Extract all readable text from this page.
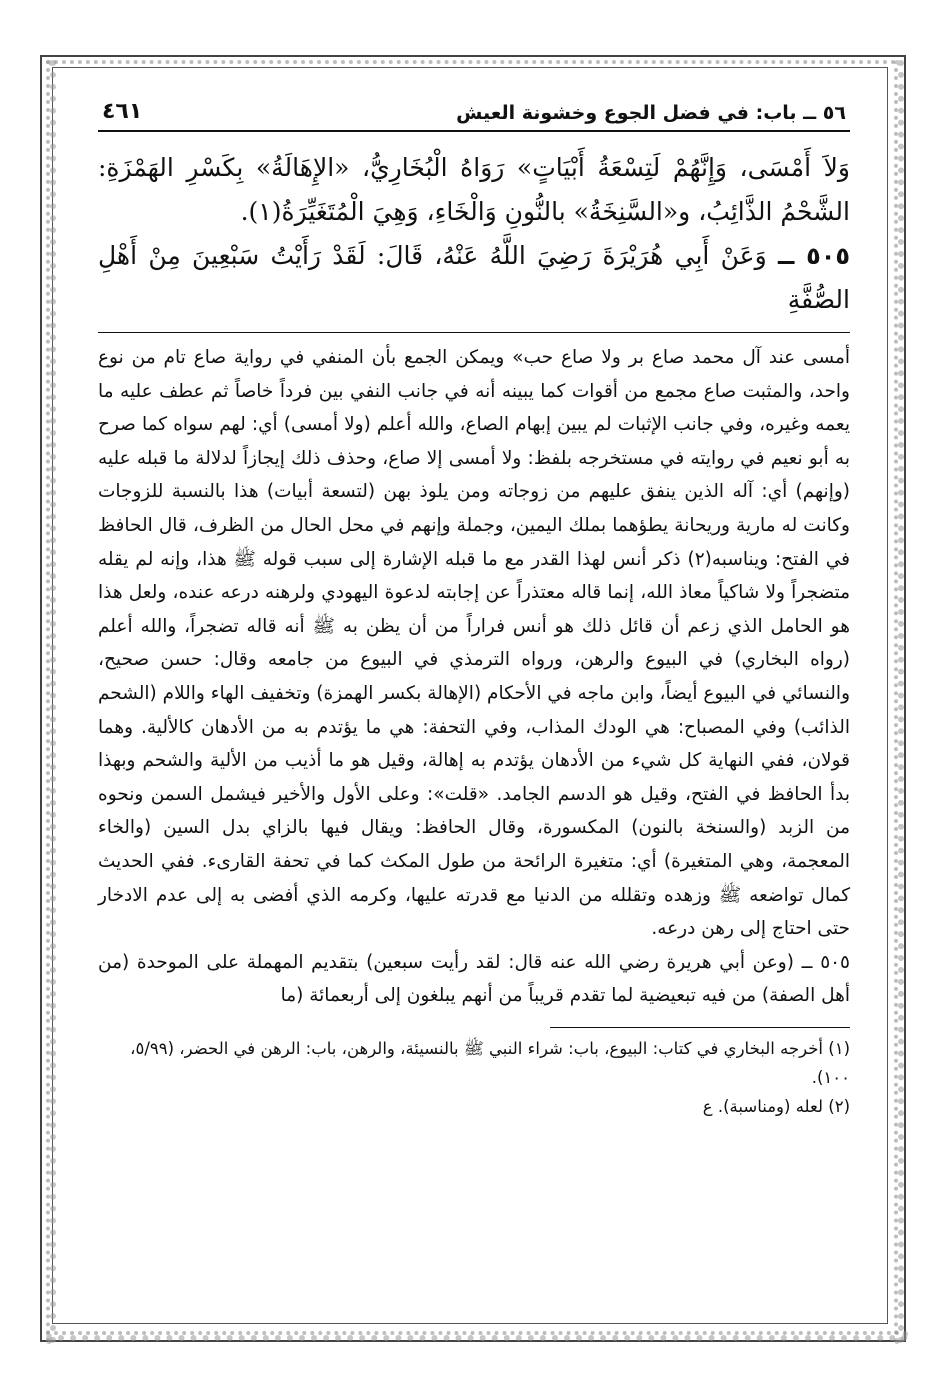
٥٦ ــ باب: في فضل الجوع وخشونة العيش
٤٦١

وَلاَ أَمْسَى، وَإِنَّهُمْ لَتِسْعَةُ أَبْيَاتٍ» رَوَاهُ الْبُخَارِيُّ، «الإِهَالَةُ» بِكَسْرِ الهَمْزَةِ: الشَّحْمُ الذَّائِبُ، و«السَّنِخَةُ» بالنُّونِ وَالْخَاءِ، وَهِيَ الْمُتَغَيِّرَةُ(١).

٥٠٥ ــ وَعَنْ أَبِي هُرَيْرَةَ رَضِيَ اللَّهُ عَنْهُ، قَالَ: لَقَدْ رَأَيْتُ سَبْعِينَ مِنْ أَهْلِ الصُّفَّةِ

أمسى عند آل محمد صاع بر ولا صاع حب» ويمكن الجمع بأن المنفي في رواية صاع تام من نوع واحد، والمثبت صاع مجمع من أقوات كما يبينه أنه في جانب النفي بين فرداً خاصاً ثم عطف عليه ما يعمه وغيره، وفي جانب الإثبات لم يبين إبهام الصاع، والله أعلم (ولا أمسى) أي: لهم سواه كما صرح به أبو نعيم في روايته في مستخرجه بلفظ: ولا أمسى إلا صاع، وحذف ذلك إيجازاً لدلالة ما قبله عليه (وإنهم) أي: آله الذين ينفق عليهم من زوجاته ومن يلوذ بهن (لتسعة أبيات) هذا بالنسبة للزوجات وكانت له مارية وريحانة يطؤهما بملك اليمين، وجملة وإنهم في محل الحال من الظرف، قال الحافظ في الفتح: ويناسبه(٢) ذكر أنس لهذا القدر مع ما قبله الإشارة إلى سبب قوله ﷺ هذا، وإنه لم يقله متضجراً ولا شاكياً معاذ الله، إنما قاله معتذراً عن إجابته لدعوة اليهودي ولرهنه درعه عنده، ولعل هذا هو الحامل الذي زعم أن قائل ذلك هو أنس فراراً من أن يظن به ﷺ أنه قاله تضجراً، والله أعلم (رواه البخاري) في البيوع والرهن، ورواه الترمذي في البيوع من جامعه وقال: حسن صحيح، والنسائي في البيوع أيضاً، وابن ماجه في الأحكام (الإهالة بكسر الهمزة) وتخفيف الهاء واللام (الشحم الذائب) وفي المصباح: هي الودك المذاب، وفي التحفة: هي ما يؤتدم به من الأدهان كالألية. وهما قولان، ففي النهاية كل شيء من الأدهان يؤتدم به إهالة، وقيل هو ما أذيب من الألية والشحم وبهذا بدأ الحافظ في الفتح، وقيل هو الدسم الجامد. «قلت»: وعلى الأول والأخير فيشمل السمن ونحوه من الزبد (والسنخة بالنون) المكسورة، وقال الحافظ: ويقال فيها بالزاي بدل السين (والخاء المعجمة، وهي المتغيرة) أي: متغيرة الرائحة من طول المكث كما في تحفة القارىء. ففي الحديث كمال تواضعه ﷺ وزهده وتقلله من الدنيا مع قدرته عليها، وكرمه الذي أفضى به إلى عدم الادخار حتى احتاج إلى رهن درعه.

٥٠٥ ــ (وعن أبي هريرة رضي الله عنه قال: لقد رأيت سبعين) بتقديم المهملة على الموحدة (من أهل الصفة) من فيه تبعيضية لما تقدم قريباً من أنهم يبلغون إلى أربعمائة (ما

(١) أخرجه البخاري في كتاب: البيوع، باب: شراء النبي ﷺ بالنسيئة، والرهن، باب: الرهن في الحضر، (٥/٩٩، ١٠٠).

(٢) لعله (ومناسبة). ع
